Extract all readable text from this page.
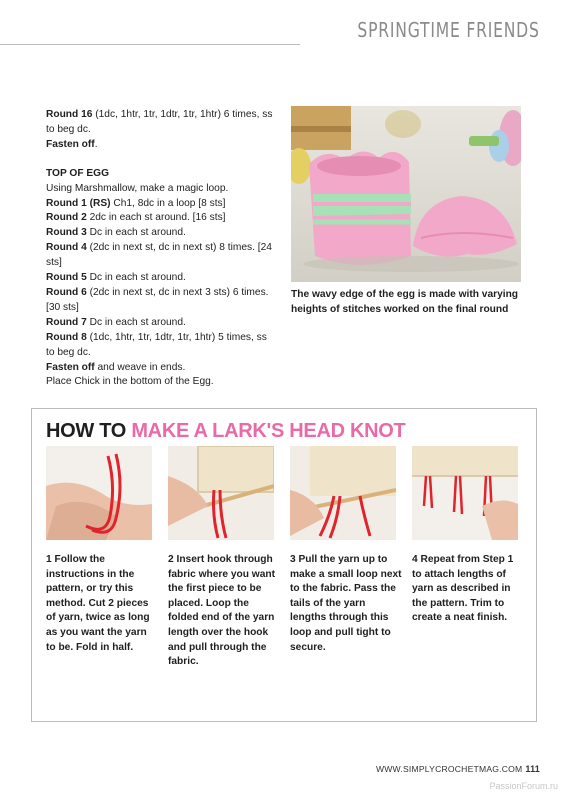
SPRINGTIME FRIENDS

Round 16 (1dc, 1htr, 1tr, 1dtr, 1tr, 1htr) 6 times, ss to beg dc.

Fasten off.

TOP OF EGG

Using Marshmallow, make a magic loop.

Round 1 (RS) Ch1, 8dc in a loop [8 sts]

Round 2 2dc in each st around. [16 sts]

Round 3 Dc in each st around.

Round 4 (2dc in next st, dc in next st) 8 times. [24 sts]

Round 5 Dc in each st around.

Round 6 (2dc in next st, dc in next 3 sts) 6 times. [30 sts]

Round 7 Dc in each st around.

Round 8 (1dc, 1htr, 1tr, 1dtr, 1tr, 1htr) 5 times, ss to beg dc.

Fasten off and weave in ends.

Place Chick in the bottom of the Egg.

The wavy edge of the egg is made with varying heights of stitches worked on the final round
HOW TO MAKE A LARK'S HEAD KNOT
1 Follow the instructions in the pattern, or try this method. Cut 2 pieces of yarn, twice as long as you want the yarn to be. Fold in half.
2 Insert hook through fabric where you want the first piece to be placed. Loop the folded end of the yarn length over the hook and pull through the fabric.
3 Pull the yarn up to make a small loop next to the fabric. Pass the tails of the yarn lengths through this loop and pull tight to secure.
4 Repeat from Step 1 to attach lengths of yarn as described in the pattern. Trim to create a neat finish.
WWW.SIMPLYCROCHETMAG.COM 111
PassionForum.ru
